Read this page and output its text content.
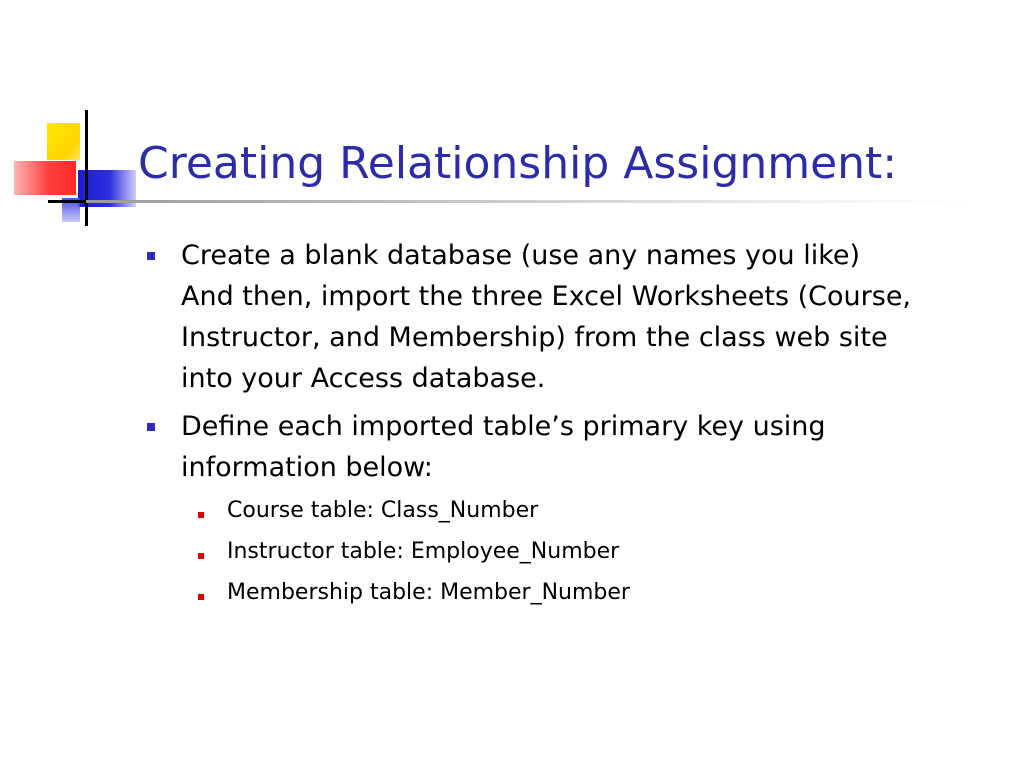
Creating Relationship Assignment:
Create a blank database (use any names you like)
And then, import the three Excel Worksheets (Course,
Instructor, and Membership) from the class web site
into your Access database.
Define each imported table’s primary key using
information below:
Course table: Class_Number
Instructor table: Employee_Number
Membership table: Member_Number
